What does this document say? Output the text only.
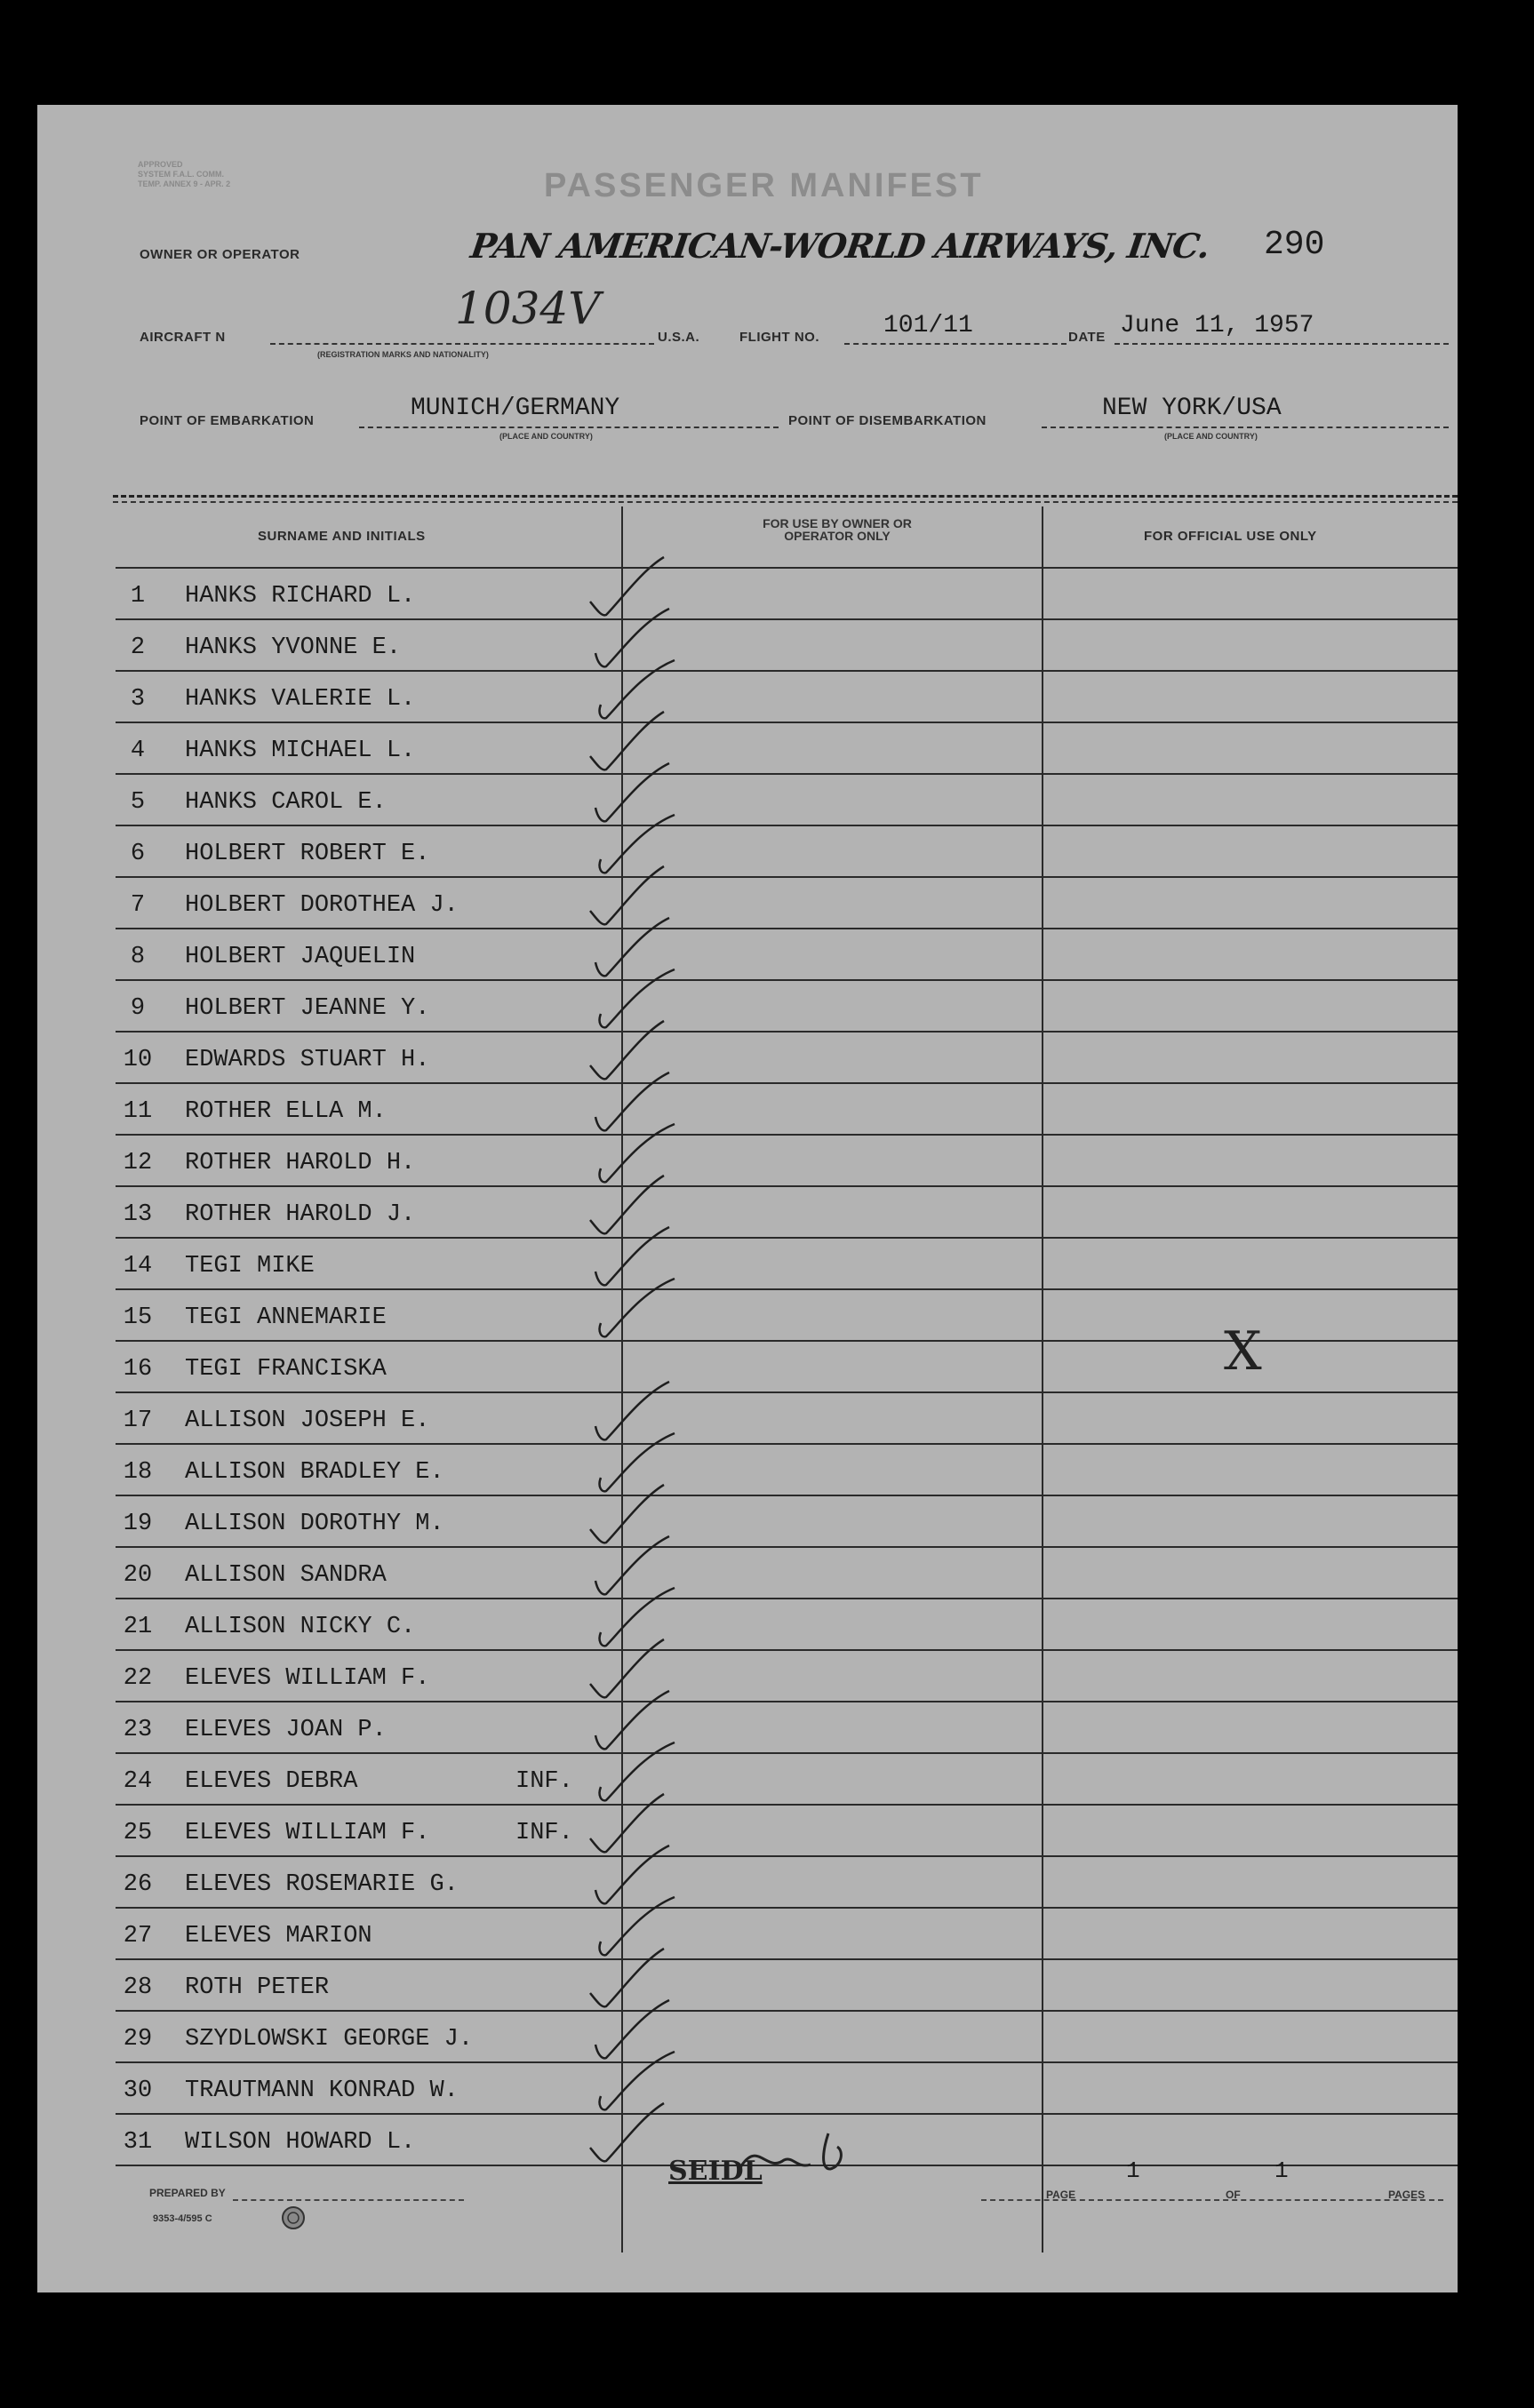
APPROVED
SYSTEM F.A.L. COMM.
TEMP. ANNEX 9 - APR. 2	PASSENGER MANIFEST
OWNER OR OPERATOR	PAN AMERICAN-WORLD AIRWAYS, INC. 290
AIRCRAFT N
1034V
(REGISTRATION MARKS AND NATIONALITY)
U.S.A.	FLIGHT NO.	101/11	DATE June 11, 1957
POINT OF EMBARKATION	MUNICH/GERMANY
(PLACE AND COUNTRY)
POINT OF DISEMBARKATION	NEW YORK/USA
(PLACE AND COUNTRY)
SURNAME AND INITIALS
FOR USE BY OWNER OR OPERATOR ONLY	FOR OFFICIAL USE ONLY
1	HANKS RICHARD L.
2	HANKS YVONNE E.
3	HANKS VALERIE L.
4	HANKS MICHAEL L.
5	HANKS CAROL E.
6	HOLBERT ROBERT E.
7	HOLBERT DOROTHEA J.
8	HOLBERT JAQUELIN
9	HOLBERT JEANNE Y.
10	EDWARDS STUART H.
11	ROTHER ELLA M.
12	ROTHER HAROLD H.
13	ROTHER HAROLD J.
14	TEGI MIKE
15	TEGI ANNEMARIE
16	TEGI FRANCISKA
17	ALLISON JOSEPH E.
18	ALLISON BRADLEY E.
19	ALLISON DOROTHY M.
20	ALLISON SANDRA
21	ALLISON NICKY C.
22	ELEVES WILLIAM F.
23	ELEVES JOAN P.
24	ELEVES DEBRA	INF.
25	ELEVES WILLIAM F.	INF.
26	ELEVES ROSEMARIE G.
27	ELEVES MARION
28	ROTH PETER
29	SZYDLOWSKI GEORGE J.
30	TRAUTMANN KONRAD W.
31	WILSON HOWARD L.
X
SEIDL	1
PAGE
1
OF	PAGES
PREPARED BY
9353-4/595 C
